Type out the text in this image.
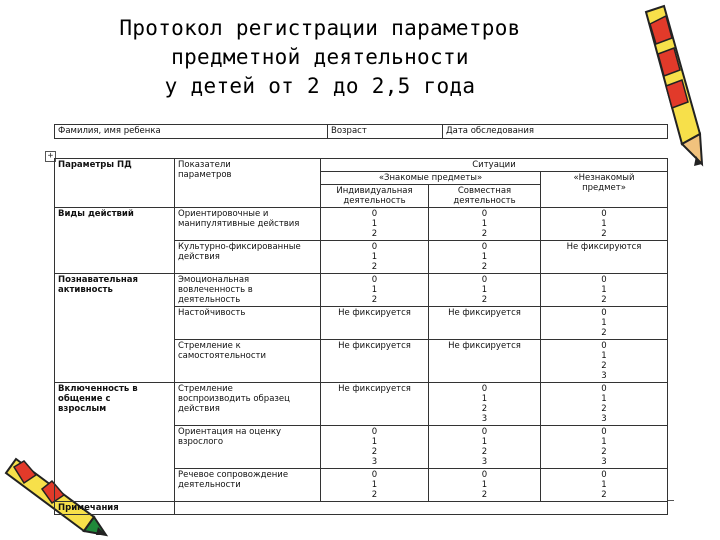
Протокол регистрации параметров
предметной деятельности
у детей от 2 до 2,5 года
+
Фамилия, имя ребенка	Возраст	Дата обследования
Параметры ПД	Показатели
параметров	Ситуации		
		«Знакомые предметы»		«Незнакомый
предмет»
		Индивидуальная
деятельность	Совместная
деятельность	
Виды действий	Ориентировочные и
манипулятивные действия	0
1
2	0
1
2	0
1
2
	Культурно-фиксированные
действия	0
1
2	0
1
2	Не фиксируются
Познавательная
активность	Эмоциональная
вовлеченность в
деятельность	0
1
2	0
1
2	0
1
2
	Настойчивость	Не фиксируется	Не фиксируется	0
1
2
	Стремление к
самостоятельности	Не фиксируется	Не фиксируется	0
1
2
3
Включенность в
общение с
взрослым	Стремление
воспроизводить образец
действия	Не фиксируется	0
1
2
3	0
1
2
3
	Ориентация на оценку
взрослого	0
1
2
3	0
1
2
3	0
1
2
3
	Речевое сопровождение
деятельности	0
1
2	0
1
2	0
1
2
Примечания				
